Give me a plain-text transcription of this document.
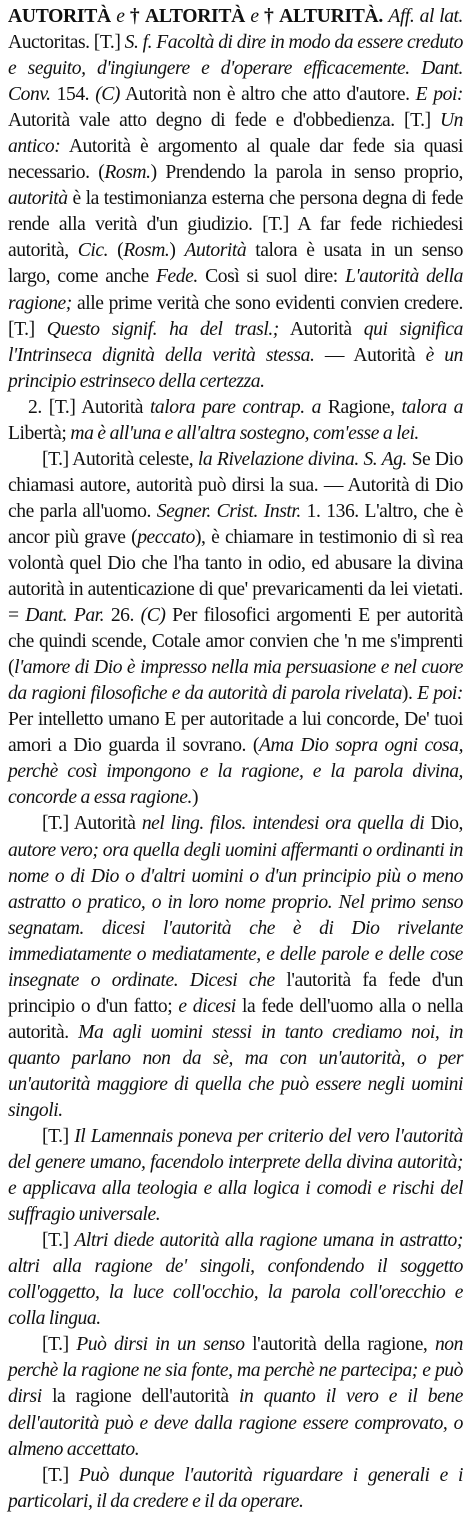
AUTORITÀ e † ALTORITÀ e † ALTURITÀ. Aff. al lat. Auctoritas. [T.] S. f. Facoltà di dire in modo da essere creduto e seguito, d'ingiungere e d'operare efficacemente. Dant. Conv. 154. (C) Autorità non è altro che atto d'autore. E poi: Autorità vale atto degno di fede e d'obbedienza. [T.] Un antico: Autorità è argomento al quale dar fede sia quasi necessario. (Rosm.) Prendendo la parola in senso proprio, autorità è la testimonianza esterna che persona degna di fede rende alla verità d'un giudizio. [T.] A far fede richiedesi autorità, Cic. (Rosm.) Autorità talora è usata in un senso largo, come anche Fede. Così si suol dire: L'autorità della ragione; alle prime verità che sono evidenti convien credere. [T.] Questo signif. ha del trasl.; Autorità qui significa l'Intrinseca dignità della verità stessa. — Autorità è un principio estrinseco della certezza.

2. [T.] Autorità talora pare contrap. a Ragione, talora a Libertà; ma è all'una e all'altra sostegno, com'esse a lei.

[T.] Autorità celeste, la Rivelazione divina. S. Ag. Se Dio chiamasi autore, autorità può dirsi la sua. — Autorità di Dio che parla all'uomo. Segner. Crist. Instr. 1. 136. L'altro, che è ancor più grave (peccato), è chiamare in testimonio di sì rea volontà quel Dio che l'ha tanto in odio, ed abusare la divina autorità in autenticazione di que' prevaricamenti da lei vietati. = Dant. Par. 26. (C) Per filosofici argomenti E per autorità che quindi scende, Cotale amor convien che 'n me s'imprenti (l'amore di Dio è impresso nella mia persuasione e nel cuore da ragioni filosofiche e da autorità di parola rivelata). E poi: Per intelletto umano E per autoritade a lui concorde, De' tuoi amori a Dio guarda il sovrano. (Ama Dio sopra ogni cosa, perchè così impongono e la ragione, e la parola divina, concorde a essa ragione.)

[T.] Autorità nel ling. filos. intendesi ora quella di Dio, autore vero; ora quella degli uomini affermanti o ordinanti in nome o di Dio o d'altri uomini o d'un principio più o meno astratto o pratico, o in loro nome proprio. Nel primo senso segnatam. dicesi l'autorità che è di Dio rivelante immediatamente o mediatamente, e delle parole e delle cose insegnate o ordinate. Dicesi che l'autorità fa fede d'un principio o d'un fatto; e dicesi la fede dell'uomo alla o nella autorità. Ma agli uomini stessi in tanto crediamo noi, in quanto parlano non da sè, ma con un'autorità, o per un'autorità maggiore di quella che può essere negli uomini singoli.

[T.] Il Lamennais poneva per criterio del vero l'autorità del genere umano, facendolo interprete della divina autorità; e applicava alla teologia e alla logica i comodi e rischi del suffragio universale.

[T.] Altri diede autorità alla ragione umana in astratto; altri alla ragione de' singoli, confondendo il soggetto coll'oggetto, la luce coll'occhio, la parola coll'orecchio e colla lingua.

[T.] Può dirsi in un senso l'autorità della ragione, non perchè la ragione ne sia fonte, ma perchè ne partecipa; e può dirsi la ragione dell'autorità in quanto il vero e il bene dell'autorità può e deve dalla ragione essere comprovato, o almeno accettato.

[T.] Può dunque l'autorità riguardare i generali e i particolari, il da credere e il da operare.
